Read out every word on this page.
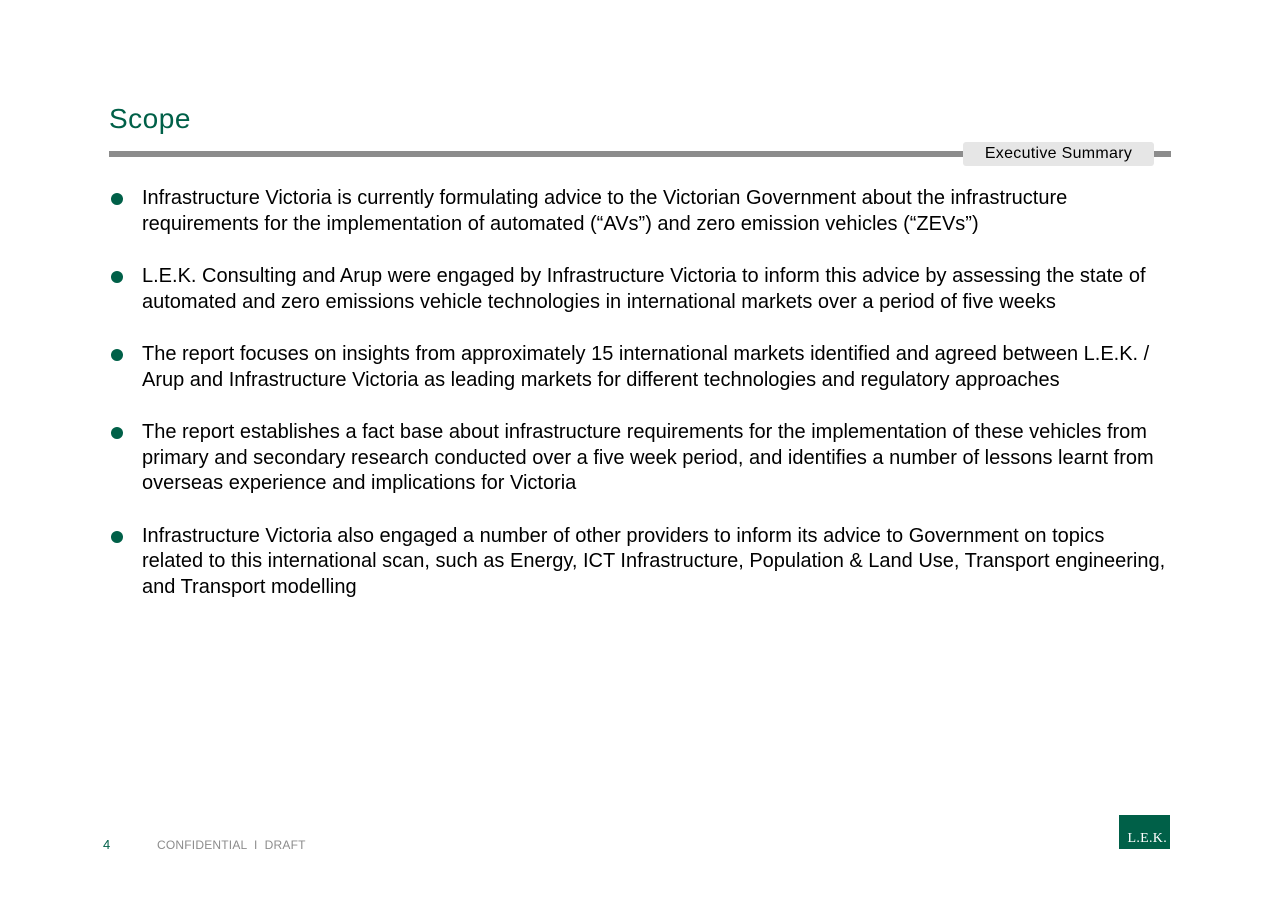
Scope
Executive Summary
Infrastructure Victoria is currently formulating advice to the Victorian Government about the infrastructure requirements for the implementation of automated (“AVs”) and zero emission vehicles (“ZEVs”)
L.E.K. Consulting and Arup were engaged by Infrastructure Victoria to inform this advice by assessing the state of automated and zero emissions vehicle technologies in international markets over a period of five weeks
The report focuses on insights from approximately 15 international markets identified and agreed between L.E.K. / Arup and Infrastructure Victoria as leading markets for different technologies and regulatory approaches
The report establishes a fact base about infrastructure requirements for the implementation of these vehicles from primary and secondary research conducted over a five week period, and identifies a number of lessons learnt from overseas experience and implications for Victoria
Infrastructure Victoria also engaged a number of other providers to inform its advice to Government on topics related to this international scan, such as Energy, ICT Infrastructure, Population & Land Use, Transport engineering, and Transport modelling
4	CONFIDENTIAL  I  DRAFT	L.E.K.
